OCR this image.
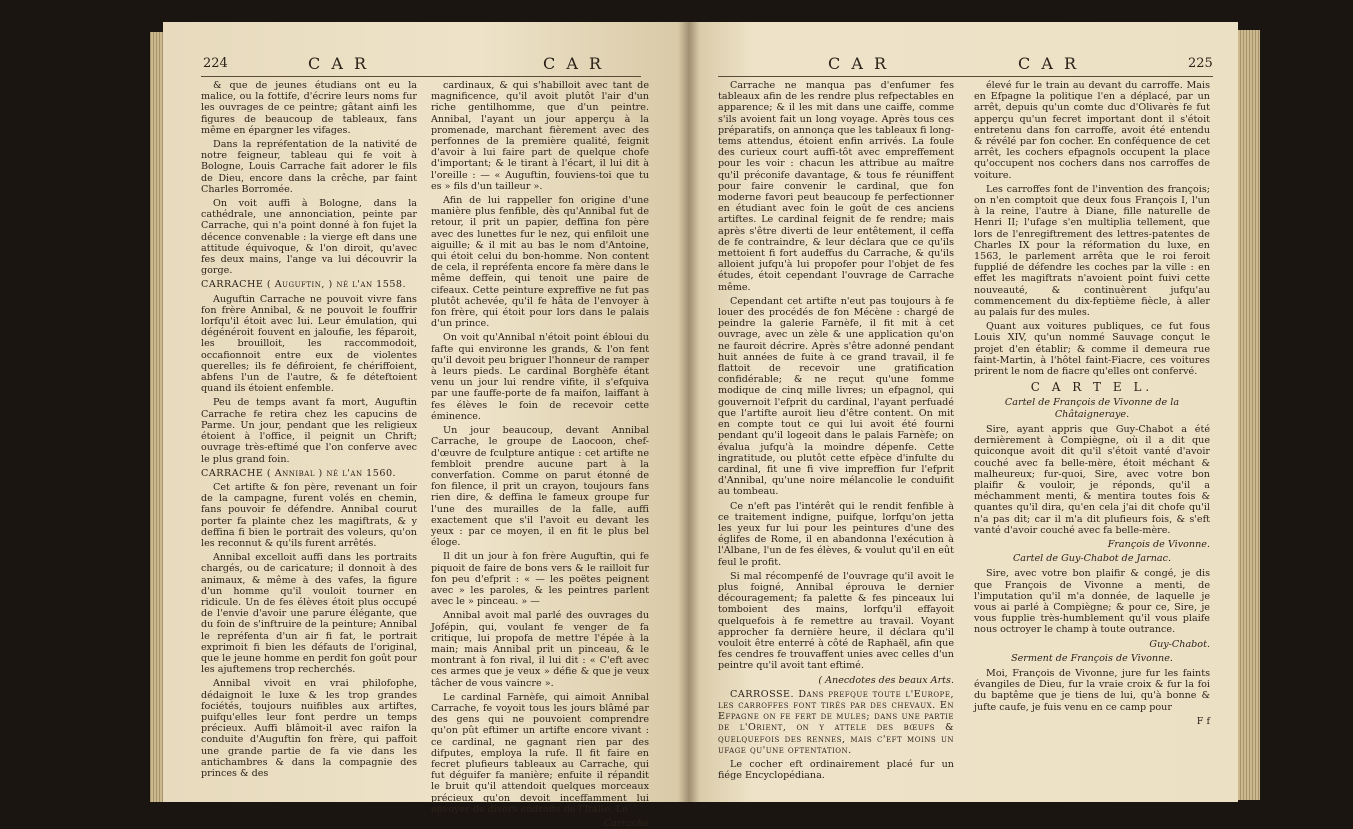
224	C A R	C A R

& que de jeunes étudians ont eu la malice, ou la fottife, d'écrire leurs noms fur les ouvrages de ce peintre; gâtant ainfi les figures de beaucoup de tableaux, fans même en épargner les vifages.

Dans la repréfentation de la nativité de notre feigneur, tableau qui fe voit à Bologne, Louis Carrache fait adorer le fils de Dieu, encore dans la crêche, par faint Charles Borromée.

On voit auffi à Bologne, dans la cathédrale, une annonciation, peinte par Carrache, qui n'a point donné à fon fujet la décence convenable : la vierge eft dans une attitude équivoque, & l'on diroit, qu'avec fes deux mains, l'ange va lui découvrir la gorge.

CARRACHE ( Auguftin, ) né l'an 1558.

Auguftin Carrache ne pouvoit vivre fans fon frère Annibal, & ne pouvoit le fouffrir lorfqu'il étoit avec lui. Leur émulation, qui dégénéroit fouvent en jaloufie, les féparoit, les brouilloit, les raccommodoit, occafionnoit entre eux de violentes querelles; ils fe défiroient, fe chériffoient, abfens l'un de l'autre, & fe déteftoient quand ils étoient enfemble.

Peu de temps avant fa mort, Auguftin Carrache fe retira chez les capucins de Parme. Un jour, pendant que les religieux étoient à l'office, il peignit un Chrift; ouvrage très-eftimé que l'on conferve avec le plus grand foin.

CARRACHE ( Annibal ) né l'an 1560.

Cet artifte & fon père, revenant un foir de la campagne, furent volés en chemin, fans pouvoir fe défendre. Annibal courut porter fa plainte chez les magiftrats, & y deffina fi bien le portrait des voleurs, qu'on les reconnut & qu'ils furent arrêtés.

Annibal excelloit auffi dans les portraits chargés, ou de caricature; il donnoit à des animaux, & même à des vafes, la figure d'un homme qu'il vouloit tourner en ridicule. Un de fes élèves étoit plus occupé de l'envie d'avoir une parure élégante, que du foin de s'inftruire de la peinture; Annibal le repréfenta d'un air fi fat, le portrait exprimoit fi bien les défauts de l'original, que le jeune homme en perdit fon goût pour les ajuftemens trop recherchés.

Annibal vivoit en vrai philofophe, dédaignoit le luxe & les trop grandes fociétés, toujours nuifibles aux artiftes, puifqu'elles leur font perdre un temps précieux. Auffi blâmoit-il avec raifon la conduite d'Auguftin fon frère, qui paffoit une grande partie de fa vie dans les antichambres & dans la compagnie des princes & des

cardinaux, & qui s'habilloit avec tant de magnificence, qu'il avoit plutôt l'air d'un riche gentilhomme, que d'un peintre. Annibal, l'ayant un jour apperçu à la promenade, marchant fièrement avec des perfonnes de la première qualité, feignit d'avoir à lui faire part de quelque chofe d'important; & le tirant à l'écart, il lui dit à l'oreille : — « Auguftin, fouviens-toi que tu es » fils d'un tailleur ».

Afin de lui rappeller fon origine d'une manière plus fenfible, dès qu'Annibal fut de retour, il prit un papier, deffina fon père avec des lunettes fur le nez, qui enfiloit une aiguille; & il mit au bas le nom d'Antoine, qui étoit celui du bon-homme. Non content de cela, il repréfenta encore fa mère dans le même deffein, qui tenoit une paire de cifeaux. Cette peinture expreffive ne fut pas plutôt achevée, qu'il fe hâta de l'envoyer à fon frère, qui étoit pour lors dans le palais d'un prince.

On voit qu'Annibal n'étoit point ébloui du fafte qui environne les grands, & l'on fent qu'il devoit peu briguer l'honneur de ramper à leurs pieds. Le cardinal Borghèfe étant venu un jour lui rendre vifite, il s'efquiva par une fauffe-porte de fa maifon, laiffant à fes élèves le foin de recevoir cette éminence.

Un jour beaucoup, devant Annibal Carrache, le groupe de Laocoon, chef-d'œuvre de fculpture antique : cet artifte ne fembloit prendre aucune part à la converfation. Comme on parut étonné de fon filence, il prit un crayon, toujours fans rien dire, & deffina le fameux groupe fur l'une des murailles de la falle, auffi exactement que s'il l'avoit eu devant les yeux : par ce moyen, il en fit le plus bel éloge.

Il dit un jour à fon frère Auguftin, qui fe piquoit de faire de bons vers & le railloit fur fon peu d'efprit : « — les poëtes peignent avec » les paroles, & les peintres parlent avec le » pinceau. » —

Annibal avoit mal parlé des ouvrages du Jofépin, qui, voulant fe venger de fa critique, lui propofa de mettre l'épée à la main; mais Annibal prit un pinceau, & le montrant à fon rival, il lui dit : « C'eft avec ces armes que je veux » défie & que je veux tâcher de vous vaincre ».

Le cardinal Farnèfe, qui aimoit Annibal Carrache, fe voyoit tous les jours blâmé par des gens qui ne pouvoient comprendre qu'on pût eftimer un artifte encore vivant : ce cardinal, ne gagnant rien par des difputes, employa la rufe. Il fit faire en fecret plufieurs tableaux au Carrache, qui fut déguifer fa manière; enfuite il répandit le bruit qu'il attendoit quelques morceaux précieux qu'on devoit inceffamment lui envoyer de divers endroits de l'Italie. Le

Carrache

C A R	C A R	225

Carrache ne manqua pas d'enfumer fes tableaux afin de les rendre plus refpectables en apparence; & il les mit dans une caiffe, comme s'ils avoient fait un long voyage. Après tous ces préparatifs, on annonça que les tableaux fi long-tems attendus, étoient enfin arrivés. La foule des curieux court auffi-tôt avec empreffement pour les voir : chacun les attribue au maître qu'il préconife davantage, & tous fe réuniffent pour faire convenir le cardinal, que fon moderne favori peut beaucoup fe perfectionner en étudiant avec foin le goût de ces anciens artiftes. Le cardinal feignit de fe rendre; mais après s'être diverti de leur entêtement, il ceffa de fe contraindre, & leur déclara que ce qu'ils mettoient fi fort audeffus du Carrache, & qu'ils alloient jufqu'à lui propofer pour l'objet de fes études, étoit cependant l'ouvrage de Carrache même.

Cependant cet artifte n'eut pas toujours à fe louer des procédés de fon Mécène : chargé de peindre la galerie Farnèfe, il fit mit à cet ouvrage, avec un zèle & une application qu'on ne fauroit décrire. Après s'être adonné pendant huit années de fuite à ce grand travail, il fe flattoit de recevoir une gratification confidérable; & ne reçut qu'une fomme modique de cinq mille livres; un efpagnol, qui gouvernoit l'efprit du cardinal, l'ayant perfuadé que l'artifte auroit lieu d'être content. On mit en compte tout ce qui lui avoit été fourni pendant qu'il logeoit dans le palais Farnèfe; on évalua jufqu'à la moindre dépenfe. Cette ingratitude, ou plutôt cette efpèce d'infulte du cardinal, fit une fi vive impreffion fur l'efprit d'Annibal, qu'une noire mélancolie le conduifit au tombeau.

Ce n'eft pas l'intérêt qui le rendit fenfible à ce traitement indigne, puifque, lorfqu'on jetta les yeux fur lui pour les peintures d'une des églifes de Rome, il en abandonna l'exécution à l'Albane, l'un de fes élèves, & voulut qu'il en eût feul le profit.

Si mal récompenfé de l'ouvrage qu'il avoit le plus foigné, Annibal éprouva le dernier découragement; fa palette & fes pinceaux lui tomboient des mains, lorfqu'il effayoit quelquefois à fe remettre au travail. Voyant approcher fa dernière heure, il déclara qu'il vouloit être enterré à côté de Raphaël, afin que fes cendres fe trouvaffent unies avec celles d'un peintre qu'il avoit tant eftimé.

( Anecdotes des beaux Arts.

CARROSSE. Dans prefque toute l'Europe, les carroffes font tirés par des chevaux. En Efpagne on fe fert de mules; dans une partie de l'Orient, on y attele des bœufs & quelquefois des rennes, mais c'eft moins un ufage qu'une oftentation.

Le cocher eft ordinairement placé fur un fiége Encyclopédiana.

élevé fur le train au devant du carroffe. Mais en Efpagne la politique l'en a déplacé, par un arrêt, depuis qu'un comte duc d'Olivarès fe fut apperçu qu'un fecret important dont il s'étoit entretenu dans fon carroffe, avoit été entendu & révélé par fon cocher. En conféquence de cet arrêt, les cochers efpagnols occupent la place qu'occupent nos cochers dans nos carroffes de voiture.

Les carroffes font de l'invention des françois; on n'en comptoit que deux fous François I, l'un à la reine, l'autre à Diane, fille naturelle de Henri II; l'ufage s'en multiplia tellement, que lors de l'enregiftrement des lettres-patentes de Charles IX pour la réformation du luxe, en 1563, le parlement arrêta que le roi feroit fupplié de défendre les coches par la ville : en effet les magiftrats n'avoient point fuivi cette nouveauté, & continuèrent jufqu'au commencement du dix-feptième fiècle, à aller au palais fur des mules.

Quant aux voitures publiques, ce fut fous Louis XIV, qu'un nommé Sauvage conçut le projet d'en établir; & comme il demeura rue faint-Martin, à l'hôtel faint-Fiacre, ces voitures prirent le nom de fiacre qu'elles ont confervé.

C A R T E L.

Cartel de François de Vivonne de la Châtaigneraye.

Sire, ayant appris que Guy-Chabot a été dernièrement à Compiègne, où il a dit que quiconque avoit dit qu'il s'étoit vanté d'avoir couché avec fa belle-mère, étoit méchant & malheureux; fur-quoi, Sire, avec votre bon plaifir & vouloir, je réponds, qu'il a méchamment menti, & mentira toutes fois & quantes qu'il dira, qu'en cela j'ai dit chofe qu'il n'a pas dit; car il m'a dit plufieurs fois, & s'eft vanté d'avoir couché avec fa belle-mère.

François de Vivonne.

Cartel de Guy-Chabot de Jarnac.

Sire, avec votre bon plaifir & congé, je dis que François de Vivonne a menti, de l'imputation qu'il m'a donnée, de laquelle je vous ai parlé à Compiègne; & pour ce, Sire, je vous fupplie très-humblement qu'il vous plaife nous octroyer le champ à toute outrance.

Guy-Chabot.

Serment de François de Vivonne.

Moi, François de Vivonne, jure fur les faints évangiles de Dieu, fur la vraie croix & fur la foi du baptême que je tiens de lui, qu'à bonne & jufte caufe, je fuis venu en ce camp pour

F f
